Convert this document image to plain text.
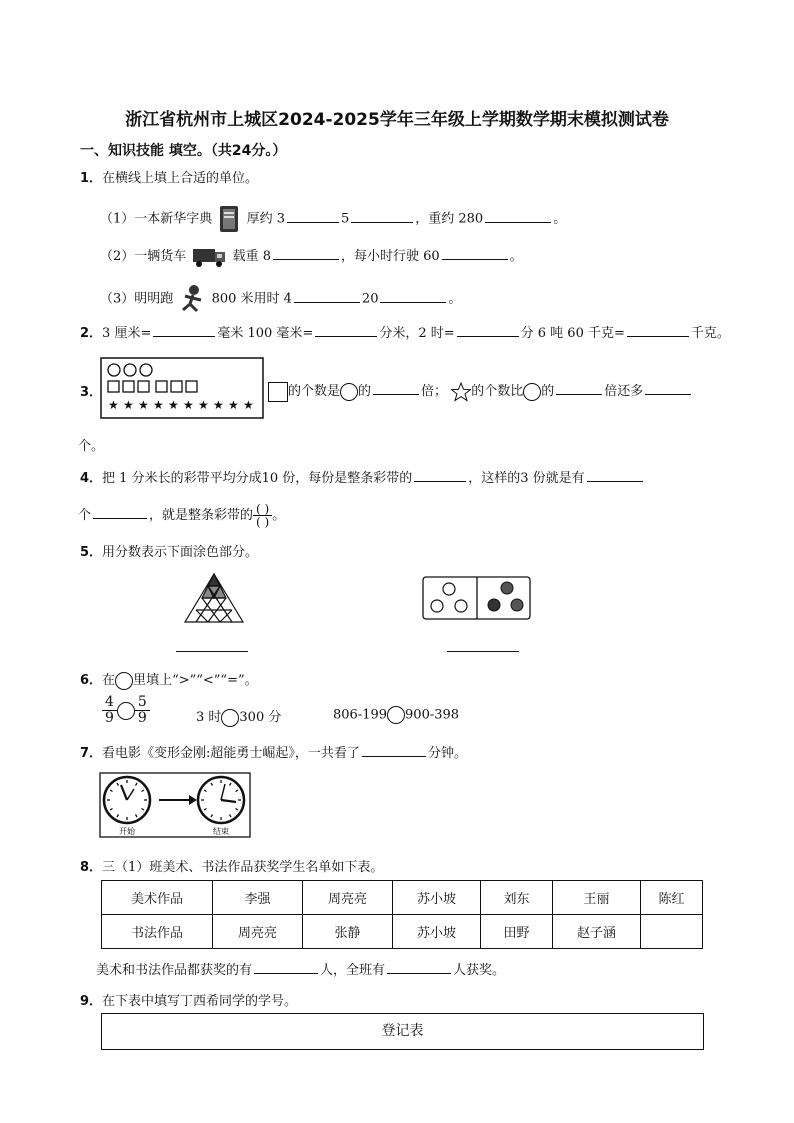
浙江省杭州市上城区2024-2025学年三年级上学期数学期末模拟测试卷
一、知识技能 填空。（共24分。）
1．在横线上填上合适的单位。
（1）一本新华字典	厚约 3	5	，重约 280	。
（2）一辆货车	载重 8	，每小时行驶 60	。
（3）明明跑	800 米用时 4	20	。
2．3 厘米=	毫米 100 毫米=	分米，2 时=	分 6 吨 60 千克=	千克。
3．
★ ★ ★ ★ ★ ★ ★ ★ ★ ★
的个数是 的	倍； 的个数比 的	倍还多
个。
4．把 1 分米长的彩带平均分成10 份，每份是整条彩带的	，这样的3 份就是有
个	，就是整条彩带的 $\frac{( )}{( )}$ 。
5．用分数表示下面涂色部分。
6．在 里填上“>”“<”“=”。
$\frac{4}{9} \frac{5}{9}$	3 时 300 分	806-199 900-398
7．看电影《变形金刚:超能勇士崛起》，一共看了	分钟。
开始	结束
8．三（1）班美术、书法作品获奖学生名单如下表。
美术作品	李强	周亮亮	苏小坡	刘东	王丽	陈红
书法作品	周亮亮	张静	苏小坡	田野	赵子涵	
美术和书法作品都获奖的有	人，全班有	人获奖。
9．在下表中填写丁西希同学的学号。
登记表
